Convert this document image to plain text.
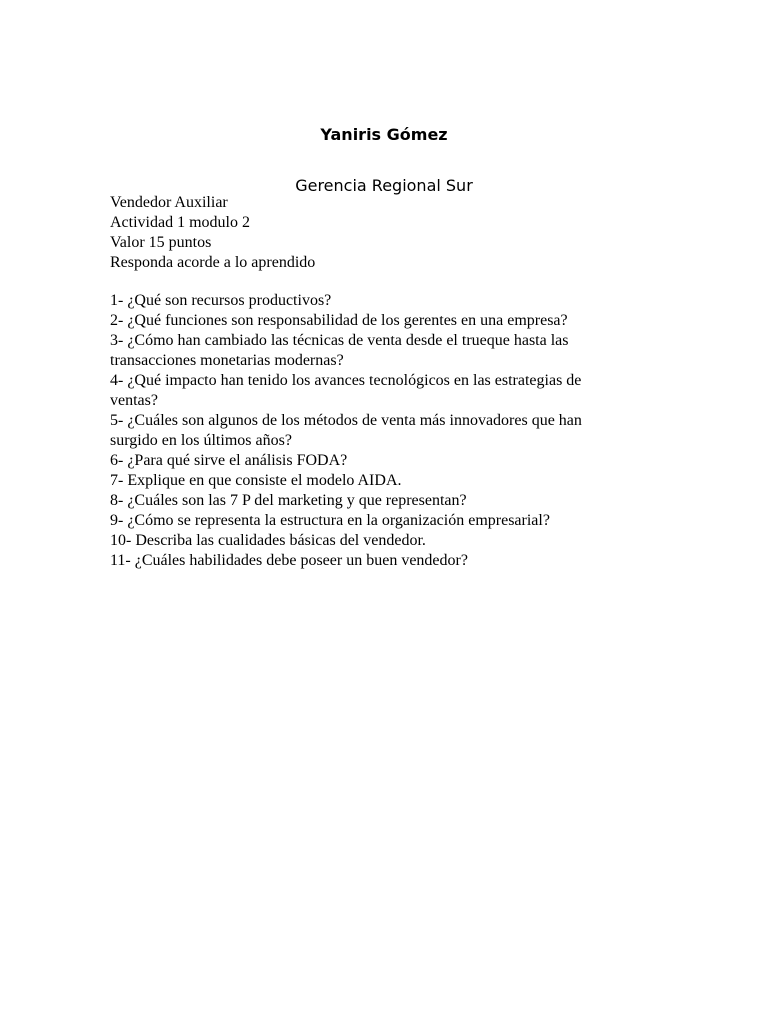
Yaniris Gómez
Gerencia Regional Sur
Vendedor Auxiliar
Actividad 1 modulo 2
Valor 15 puntos
Responda acorde a lo aprendido
1- ¿Qué son recursos productivos?
2- ¿Qué funciones son responsabilidad de los gerentes en una empresa?
3- ¿Cómo han cambiado las técnicas de venta desde el trueque hasta las
transacciones monetarias modernas?
4- ¿Qué impacto han tenido los avances tecnológicos en las estrategias de
ventas?
5- ¿Cuáles son algunos de los métodos de venta más innovadores que han
surgido en los últimos años?
6- ¿Para qué sirve el análisis FODA?
7- Explique en que consiste el modelo AIDA.
8- ¿Cuáles son las 7 P del marketing y que representan?
9- ¿Cómo se representa la estructura en la organización empresarial?
10- Describa las cualidades básicas del vendedor.
11- ¿Cuáles habilidades debe poseer un buen vendedor?
